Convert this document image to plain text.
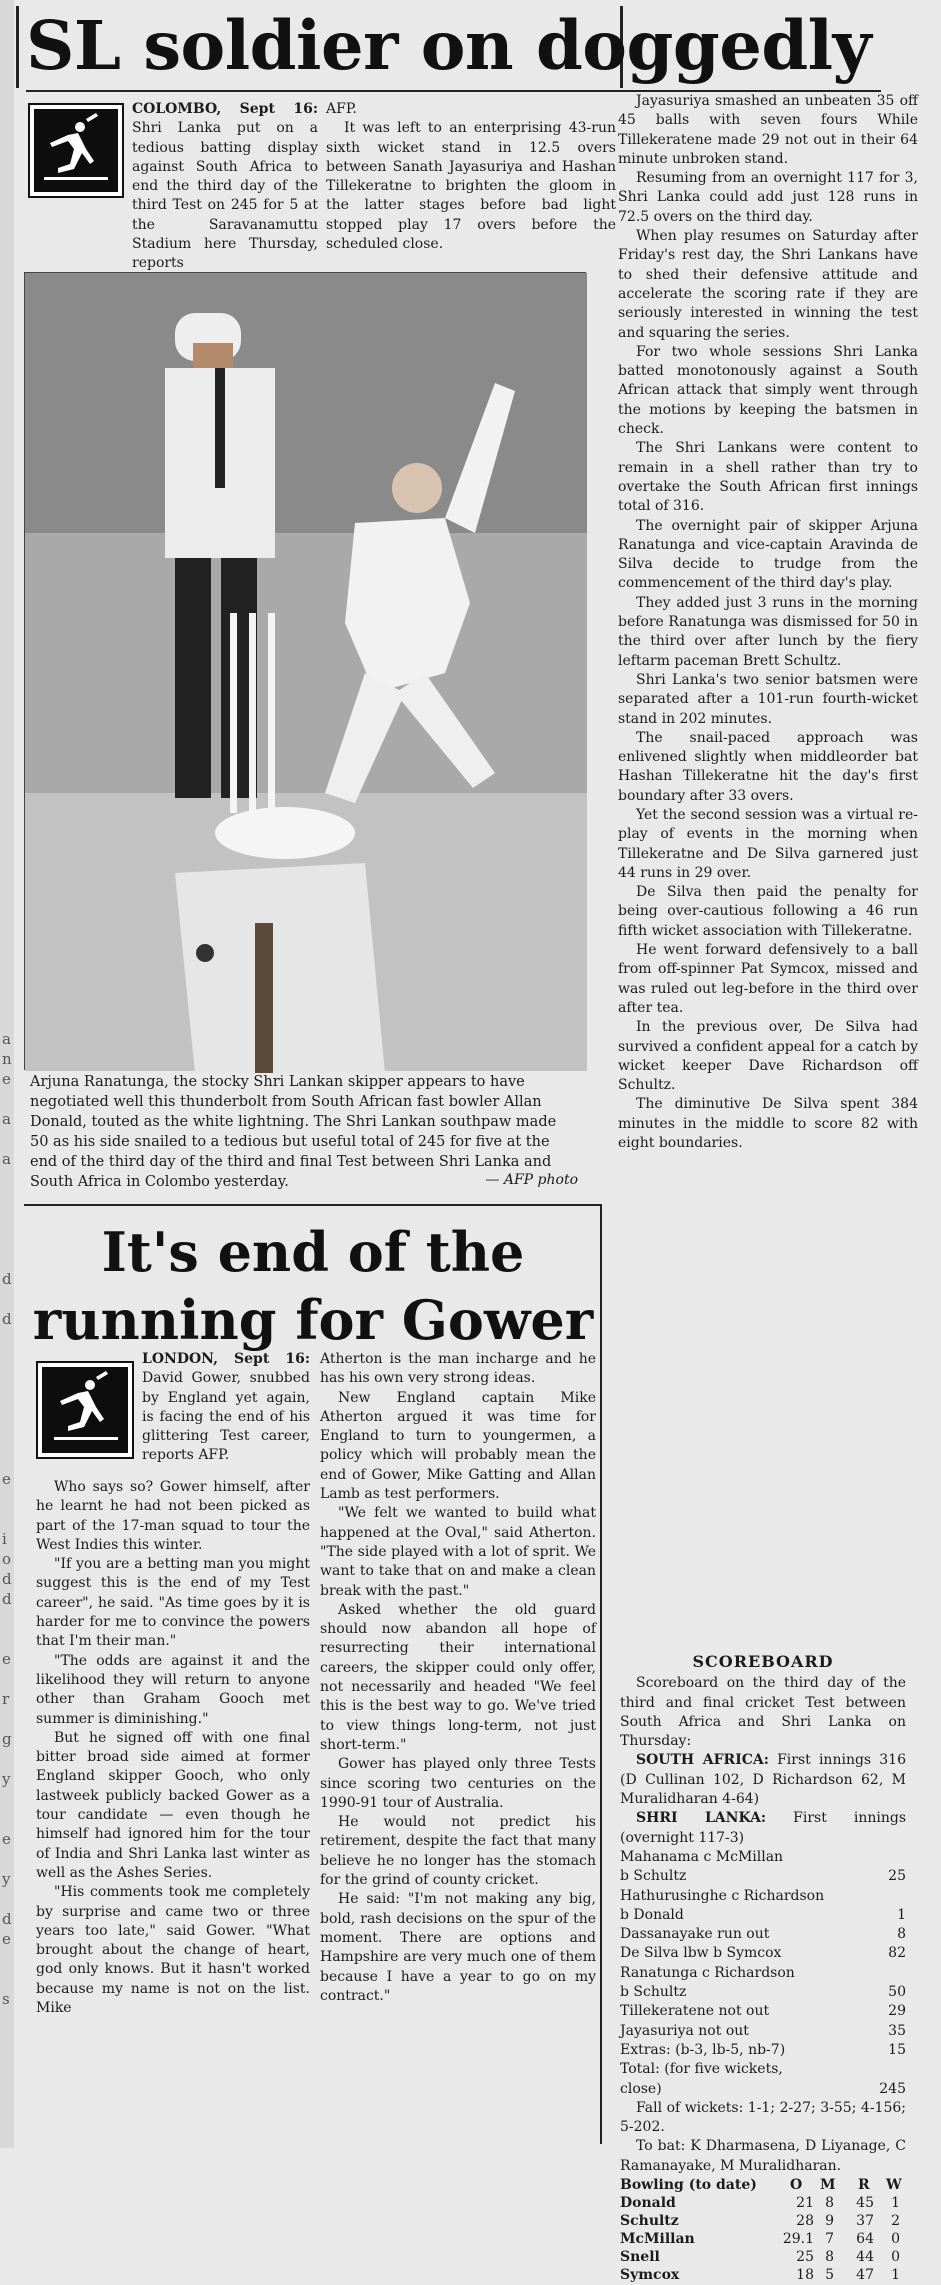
a
n
e
a
a
d
d
e
i
o
d
d
e
r
g
y
e
y
d
e
s
SL soldier on doggedly

COLOMBO, Sept 16: Shri Lanka put on a tedious batting display against South Africa to end the third day of the third Test on 245 for 5 at the Saravanamuttu Stadium here Thursday, reports

AFP.

It was left to an enterprising 43-run sixth wicket stand in 12.5 overs between Sanath Jayasuriya and Hashan Tillekeratne to brighten the gloom in the latter stages before bad light stopped play 17 overs before the scheduled close.

Arjuna Ranatunga, the stocky Shri Lankan skipper appears to have negotiated well this thunderbolt from South African fast bowler Allan Donald, touted as the white lightning. The Shri Lankan southpaw made 50 as his side snailed to a tedious but useful total of 245 for five at the end of the third day of the third and final Test between Shri Lanka and South Africa in Colombo yesterday.	— AFP photo

Jayasuriya smashed an unbeaten 35 off 45 balls with seven fours While Tillekeratene made 29 not out in their 64 minute unbroken stand.

Resuming from an overnight 117 for 3, Shri Lanka could add just 128 runs in 72.5 overs on the third day.

When play resumes on Saturday after Friday's rest day, the Shri Lankans have to shed their defensive attitude and accelerate the scoring rate if they are seriously interested in winning the test and squaring the series.

For two whole sessions Shri Lanka batted monotonously against a South African attack that simply went through the motions by keeping the batsmen in check.

The Shri Lankans were content to remain in a shell rather than try to overtake the South African first innings total of 316.

The overnight pair of skipper Arjuna Ranatunga and vice-captain Aravinda de Silva decide to trudge from the commencement of the third day's play.

They added just 3 runs in the morning before Ranatunga was dismissed for 50 in the third over after lunch by the fiery leftarm paceman Brett Schultz.

Shri Lanka's two senior batsmen were separated after a 101-run fourth-wicket stand in 202 minutes.

The snail-paced approach was enlivened slightly when middleorder bat Hashan Tillekeratne hit the day's first boundary after 33 overs.

Yet the second session was a virtual re-play of events in the morning when Tillekeratne and De Silva garnered just 44 runs in 29 over.

De Silva then paid the penalty for being over-cautious following a 46 run fifth wicket association with Tillekeratne.

He went forward defensively to a ball from off-spinner Pat Symcox, missed and was ruled out leg-before in the third over after tea.

In the previous over, De Silva had survived a confident appeal for a catch by wicket keeper Dave Richardson off Schultz.

The diminutive De Silva spent 384 minutes in the middle to score 82 with eight boundaries.

It's end of the
running for Gower

LONDON, Sept 16: David Gower, snubbed by England yet again, is facing the end of his glittering Test career, reports AFP.

Who says so? Gower himself, after he learnt he had not been picked as part of the 17-man squad to tour the West Indies this winter.

"If you are a betting man you might suggest this is the end of my Test career", he said. "As time goes by it is harder for me to convince the powers that I'm their man."

"The odds are against it and the likelihood they will return to anyone other than Graham Gooch met summer is diminishing."

But he signed off with one final bitter broad side aimed at former England skipper Gooch, who only lastweek publicly backed Gower as a tour candidate — even though he himself had ignored him for the tour of India and Shri Lanka last winter as well as the Ashes Series.

"His comments took me completely by surprise and came two or three years too late," said Gower. "What brought about the change of heart, god only knows. But it hasn't worked because my name is not on the list. Mike

Atherton is the man incharge and he has his own very strong ideas.

New England captain Mike Atherton argued it was time for England to turn to youngermen, a policy which will probably mean the end of Gower, Mike Gatting and Allan Lamb as test performers.

"We felt we wanted to build what happened at the Oval," said Atherton. "The side played with a lot of sprit. We want to take that on and make a clean break with the past."

Asked whether the old guard should now abandon all hope of resurrecting their international careers, the skipper could only offer, not necessarily and headed "We feel this is the best way to go. We've tried to view things long-term, not just short-term."

Gower has played only three Tests since scoring two centuries on the 1990-91 tour of Australia.

He would not predict his retirement, despite the fact that many believe he no longer has the stomach for the grind of county cricket.

He said: "I'm not making any big, bold, rash decisions on the spur of the moment. There are options and Hampshire are very much one of them because I have a year to go on my contract."

SCOREBOARD
Scoreboard on the third day of the third and final cricket Test between South Africa and Shri Lanka on Thursday:
SOUTH AFRICA: First innings 316 (D Cullinan 102, D Richardson 62, M Muralidharan 4-64)
SHRI LANKA: First innings (overnight 117-3)
Mahanama c McMillan
b Schultz	25
Hathurusinghe c Richardson
b Donald	1
Dassanayake run out	8
De Silva lbw b Symcox	82
Ranatunga c Richardson
b Schultz	50
Tillekeratene not out	29
Jayasuriya not out	35
Extras: (b-3, lb-5, nb-7)	15
Total: (for five wickets,
close)	245
Fall of wickets: 1-1; 2-27; 3-55; 4-156; 5-202.
To bat: K Dharmasena, D Liyanage, C Ramanayake, M Muralidharan.
Bowling (to date) O M R W
Donald	21 8 45 1
Schultz	28 9 37 2
McMillan	29.1 7 64 0
Snell	25 8 44 0
Symcox	18 5 47 1
